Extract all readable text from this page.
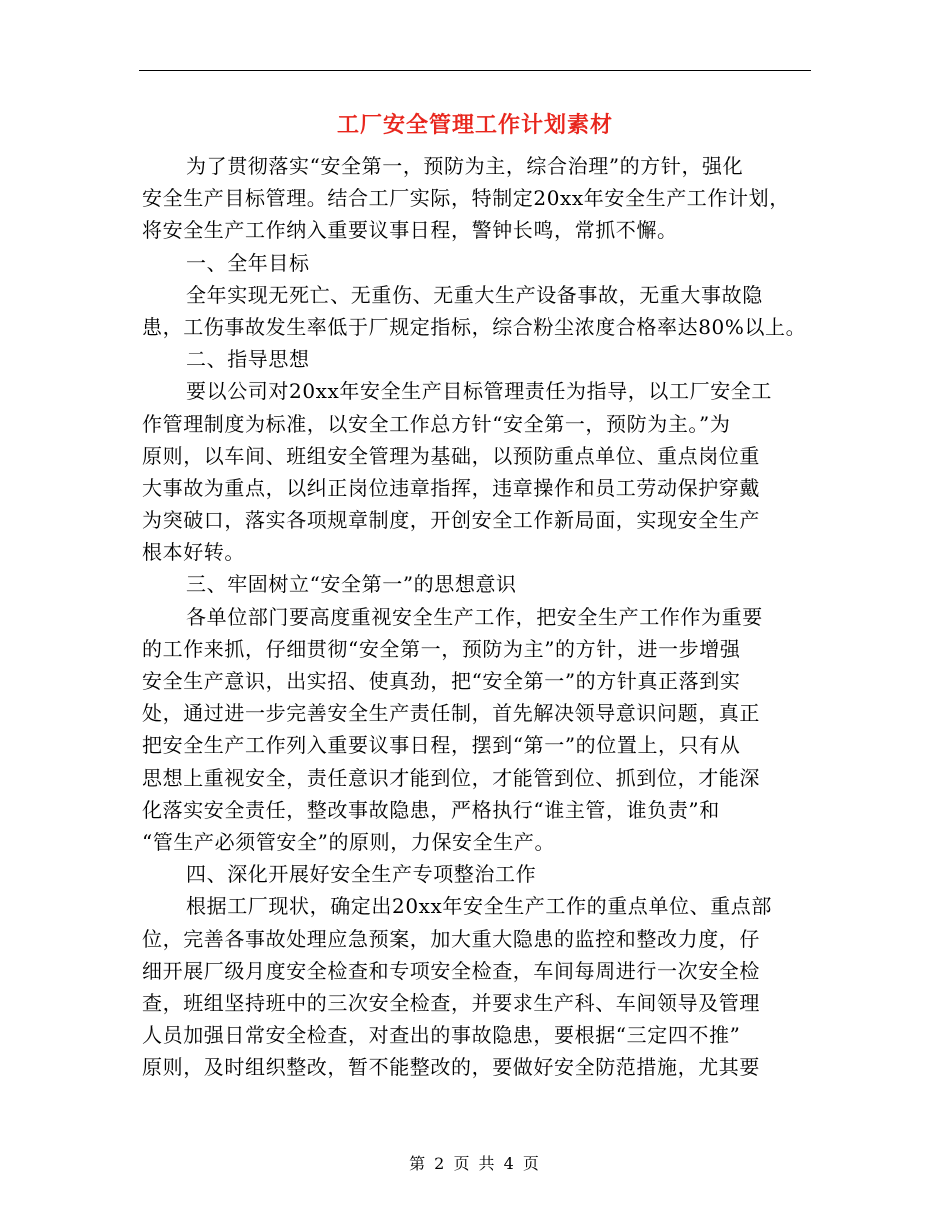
工厂安全管理工作计划素材
为了贯彻落实“安全第一，预防为主，综合治理”的方针，强化
安全生产目标管理。结合工厂实际，特制定20xx年安全生产工作计划，
将安全生产工作纳入重要议事日程，警钟长鸣，常抓不懈。
一、全年目标
全年实现无死亡、无重伤、无重大生产设备事故，无重大事故隐
患，工伤事故发生率低于厂规定指标，综合粉尘浓度合格率达80%以上。
二、指导思想
要以公司对20xx年安全生产目标管理责任为指导，以工厂安全工
作管理制度为标准，以安全工作总方针“安全第一，预防为主。”为
原则，以车间、班组安全管理为基础，以预防重点单位、重点岗位重
大事故为重点，以纠正岗位违章指挥，违章操作和员工劳动保护穿戴
为突破口，落实各项规章制度，开创安全工作新局面，实现安全生产
根本好转。
三、牢固树立“安全第一”的思想意识
各单位部门要高度重视安全生产工作，把安全生产工作作为重要
的工作来抓，仔细贯彻“安全第一，预防为主”的方针，进一步增强
安全生产意识，出实招、使真劲，把“安全第一”的方针真正落到实
处，通过进一步完善安全生产责任制，首先解决领导意识问题，真正
把安全生产工作列入重要议事日程，摆到“第一”的位置上，只有从
思想上重视安全，责任意识才能到位，才能管到位、抓到位，才能深
化落实安全责任，整改事故隐患，严格执行“谁主管，谁负责”和
“管生产必须管安全”的原则，力保安全生产。
四、深化开展好安全生产专项整治工作
根据工厂现状，确定出20xx年安全生产工作的重点单位、重点部
位，完善各事故处理应急预案，加大重大隐患的监控和整改力度，仔
细开展厂级月度安全检查和专项安全检查，车间每周进行一次安全检
查，班组坚持班中的三次安全检查，并要求生产科、车间领导及管理
人员加强日常安全检查，对查出的事故隐患，要根据“三定四不推”
原则，及时组织整改，暂不能整改的，要做好安全防范措施，尤其要
第 2 页 共 4 页
